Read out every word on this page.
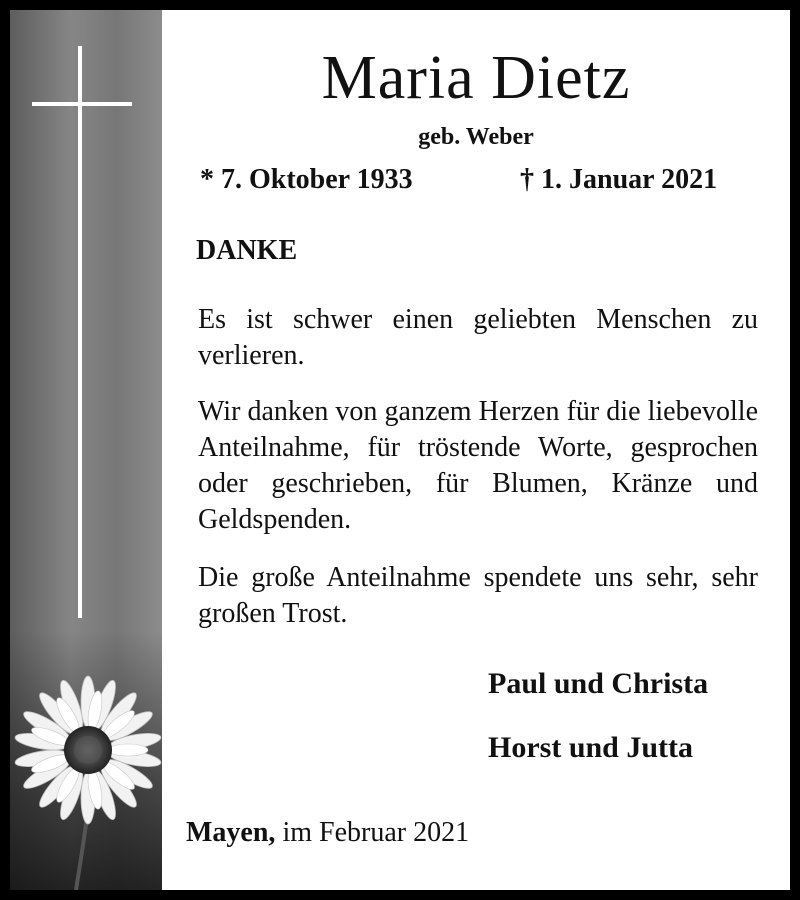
Maria Dietz
geb. Weber
* 7. Oktober 1933	† 1. Januar 2021
DANKE

Es ist schwer einen geliebten Menschen zu verlieren.

Wir danken von ganzem Herzen für die liebevolle Anteilnahme, für tröstende Worte, gesprochen oder geschrieben, für Blumen, Kränze und Geldspenden.

Die große Anteilnahme spendete uns sehr, sehr großen Trost.

Paul und Christa
Horst und Jutta
Mayen, im Februar 2021
